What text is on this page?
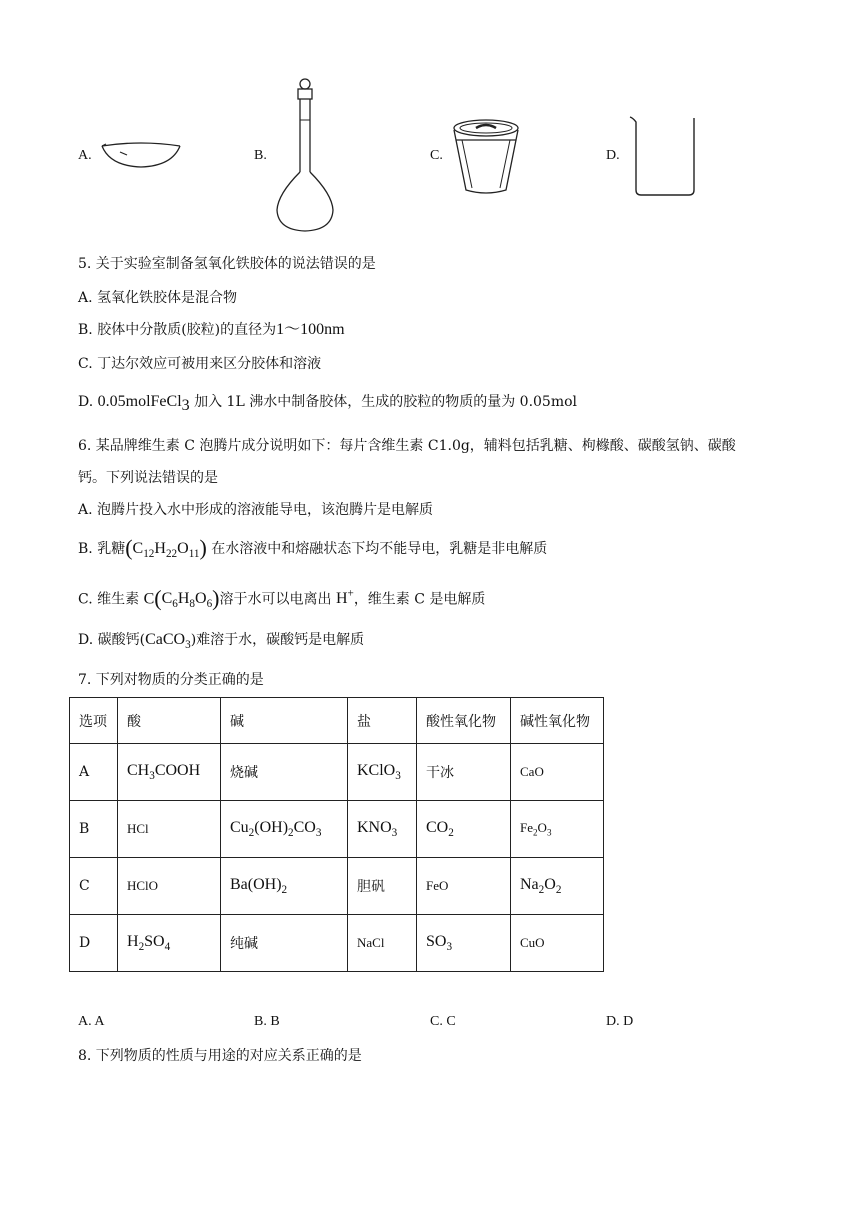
A.	B.	C.	D.
5. 关于实验室制备氢氧化铁胶体的说法错误的是
A. 氢氧化铁胶体是混合物
B. 胶体中分散质(胶粒)的直径为1～100nm
C. 丁达尔效应可被用来区分胶体和溶液
D. 0.05molFeCl$_3$ 加入 1L 沸水中制备胶体，生成的胶粒的物质的量为 0.05mol
6. 某品牌维生素 C 泡腾片成分说明如下：每片含维生素 C1.0g，辅料包括乳糖、枸橼酸、碳酸氢钠、碳酸
钙。下列说法错误的是
A. 泡腾片投入水中形成的溶液能导电，该泡腾片是电解质
B. 乳糖$(C_{12}H_{22}O_{11})$ 在水溶液中和熔融状态下均不能导电，乳糖是非电解质
C. 维生素 $C(C_6H_8O_6)$溶于水可以电离出 H+，维生素 C 是电解质
D. 碳酸钙(CaCO$_3$)难溶于水，碳酸钙是电解质
7. 下列对物质的分类正确的是
选项	酸	碱	盐	酸性氧化物	碱性氧化物
A	$CH_3COOH$	烧碱	KClO$_3$	干冰	CaO
B	HCl	$Cu_2(OH)_2CO_3$	$KNO_3$	$CO_2$	$Fe_2O_3$
C	HClO	$Ba(OH)_2$	胆矾	FeO	$Na_2O_2$
D	$H_2SO_4$	纯碱	NaCl	$SO_3$	CuO
A. A	B. B	C. C	D. D
8. 下列物质的性质与用途的对应关系正确的是
